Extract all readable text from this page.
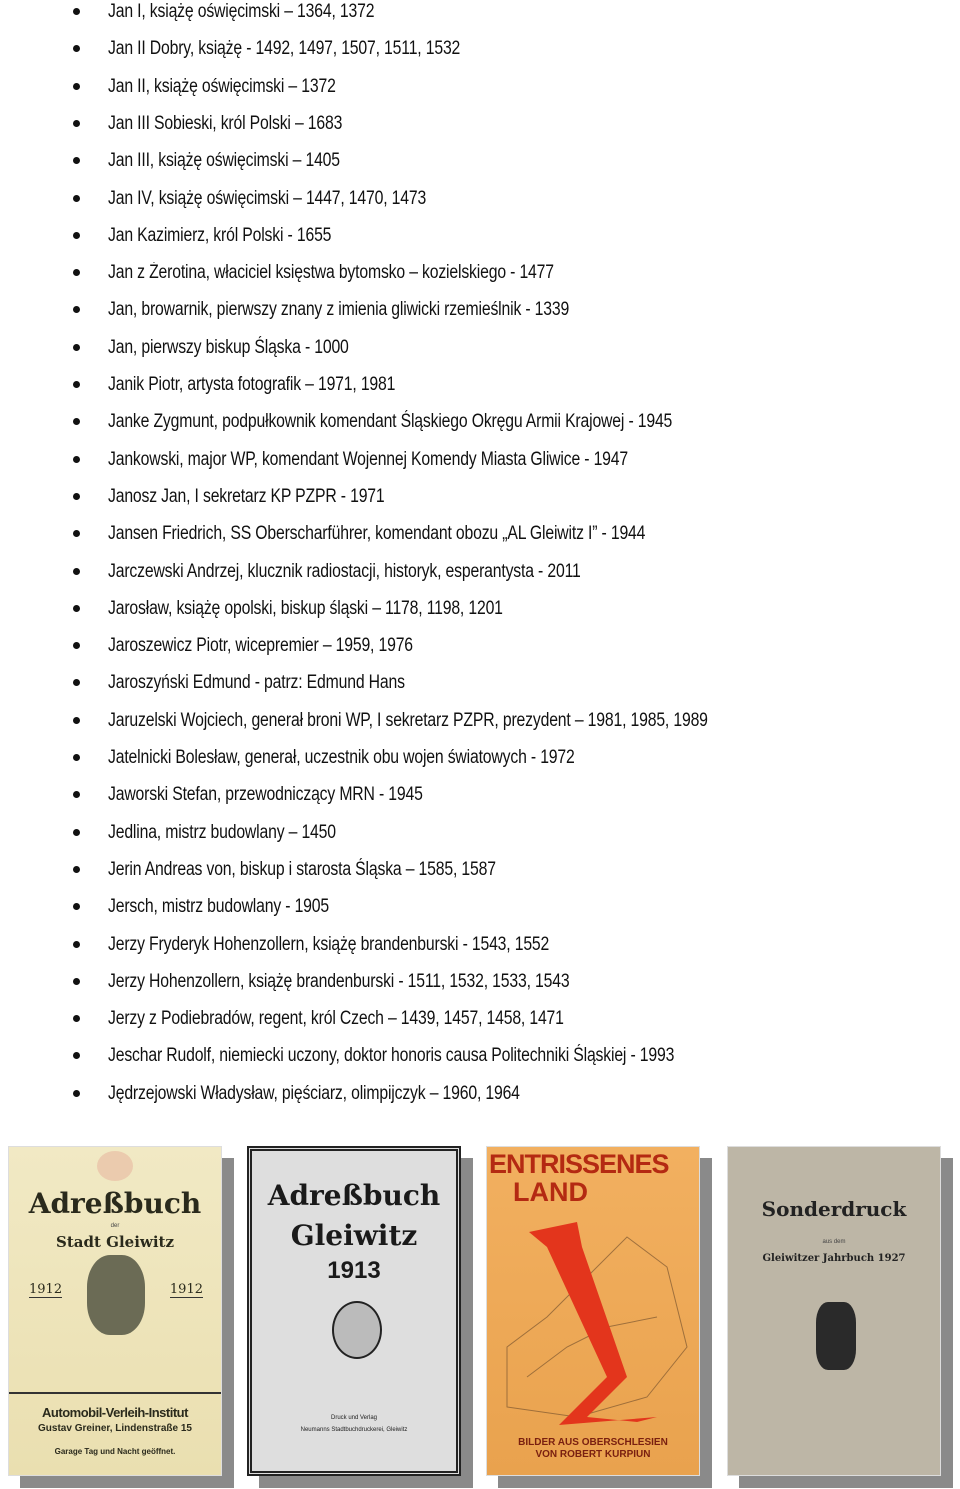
Jan I, książę oświęcimski – 1364, 1372
Jan II Dobry, książę - 1492, 1497, 1507, 1511, 1532
Jan II, książę oświęcimski – 1372
Jan III Sobieski, król Polski – 1683
Jan III, książę oświęcimski – 1405
Jan IV, książę oświęcimski – 1447, 1470, 1473
Jan Kazimierz, król Polski - 1655
Jan z Żerotina, właciciel księstwa bytomsko – kozielskiego - 1477
Jan, browarnik, pierwszy znany z imienia gliwicki rzemieślnik - 1339
Jan, pierwszy biskup Śląska - 1000
Janik Piotr, artysta fotografik – 1971, 1981
Janke Zygmunt, podpułkownik komendant Śląskiego Okręgu Armii Krajowej - 1945
Jankowski, major WP, komendant Wojennej Komendy Miasta Gliwice - 1947
Janosz Jan, I sekretarz KP PZPR - 1971
Jansen Friedrich, SS Oberscharführer, komendant obozu „AL Gleiwitz I” - 1944
Jarczewski Andrzej, klucznik radiostacji, historyk, esperantysta - 2011
Jarosław, książę opolski, biskup śląski – 1178, 1198, 1201
Jaroszewicz Piotr, wicepremier – 1959, 1976
Jaroszyński Edmund - patrz: Edmund Hans
Jaruzelski Wojciech, generał broni WP, I sekretarz PZPR, prezydent – 1981, 1985, 1989
Jatelnicki Bolesław, generał, uczestnik obu wojen światowych - 1972
Jaworski Stefan, przewodniczący MRN - 1945
Jedlina, mistrz budowlany – 1450
Jerin Andreas von, biskup i starosta Śląska – 1585, 1587
Jersch, mistrz budowlany - 1905
Jerzy Fryderyk Hohenzollern, książę brandenburski - 1543, 1552
Jerzy Hohenzollern, książę brandenburski - 1511, 1532, 1533, 1543
Jerzy z Podiebradów, regent, król Czech – 1439, 1457, 1458, 1471
Jeschar Rudolf, niemiecki uczony, doktor honoris causa Politechniki Śląskiej - 1993
Jędrzejowski Władysław, pięściarz, olimpijczyk – 1960, 1964
Adreßbuch
der
Stadt Gleiwitz
1912	1912
Automobil-Verleih-Institut
Gustav Greiner, Lindenstraße 15
Garage Tag und Nacht geöffnet.
Adreßbuch
Gleiwitz
1913
Druck und Verlag
Neumanns Stadtbuchdruckerei, Gleiwitz
ENTRISSENES
LAND
BILDER AUS OBERSCHLESIEN
VON ROBERT KURPIUN
Sonderdruck
aus dem
Gleiwitzer Jahrbuch 1927
